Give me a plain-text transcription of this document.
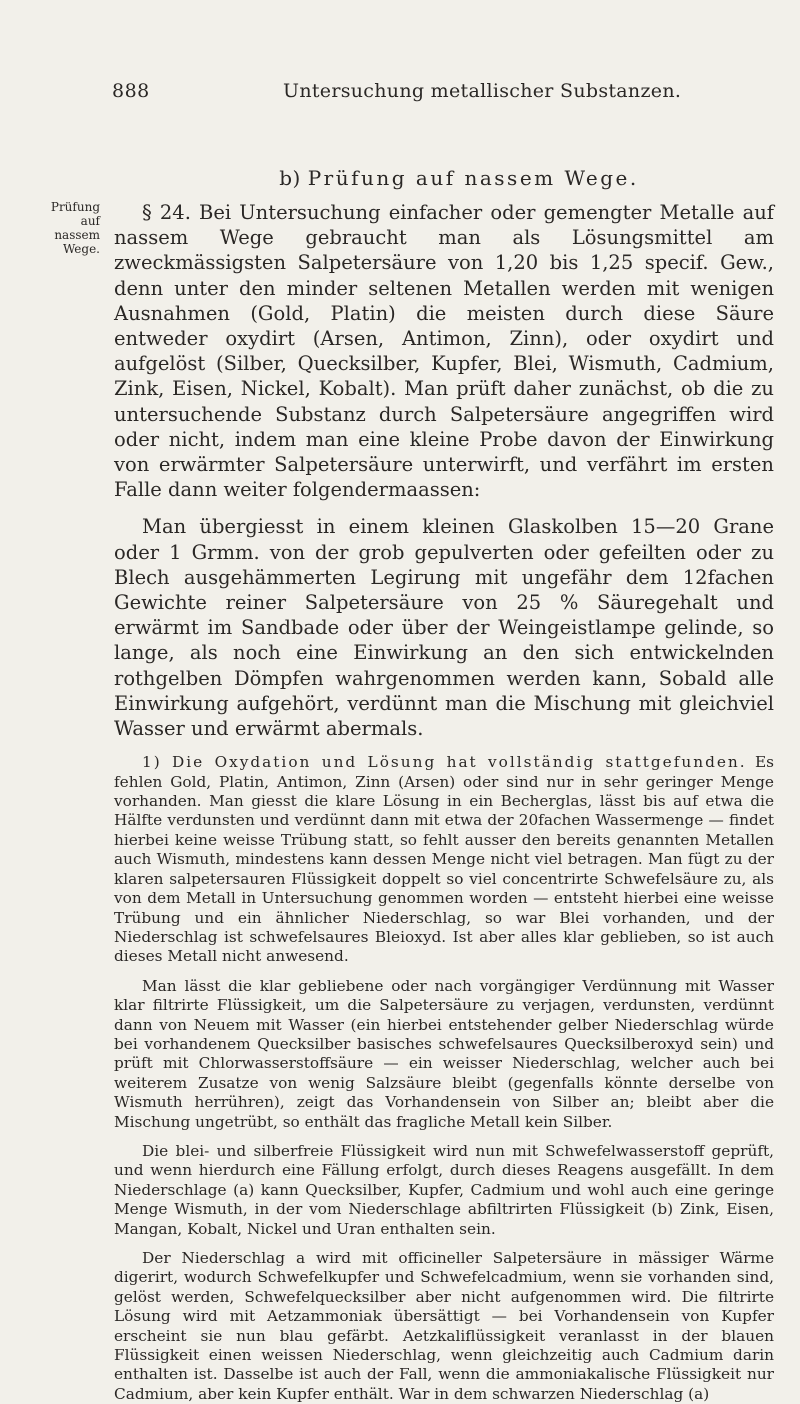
888	Untersuchung metallischer Substanzen.
Prüfung auf nassem Wege.
b) Prüfung auf nassem Wege.

§ 24. Bei Untersuchung einfacher oder gemengter Metalle auf nassem Wege gebraucht man als Lösungsmittel am zweckmässigsten Salpetersäure von 1,20 bis 1,25 specif. Gew., denn unter den minder seltenen Metallen werden mit wenigen Ausnahmen (Gold, Platin) die meisten durch diese Säure entweder oxydirt (Arsen, Antimon, Zinn), oder oxydirt und aufgelöst (Silber, Quecksilber, Kupfer, Blei, Wismuth, Cadmium, Zink, Eisen, Nickel, Kobalt). Man prüft daher zunächst, ob die zu untersuchende Substanz durch Salpetersäure angegriffen wird oder nicht, indem man eine kleine Probe davon der Einwirkung von erwärmter Salpetersäure unterwirft, und verfährt im ersten Falle dann weiter folgendermaassen:

Man übergiesst in einem kleinen Glaskolben 15—20 Grane oder 1 Grmm. von der grob gepulverten oder gefeilten oder zu Blech ausgehämmerten Legirung mit ungefähr dem 12fachen Gewichte reiner Salpetersäure von 25 % Säuregehalt und erwärmt im Sandbade oder über der Weingeistlampe gelinde, so lange, als noch eine Einwirkung an den sich entwickelnden rothgelben Dömpfen wahrgenommen werden kann, Sobald alle Einwirkung aufgehört, verdünnt man die Mischung mit gleichviel Wasser und erwärmt abermals.

1) Die Oxydation und Lösung hat vollständig stattgefunden. Es fehlen Gold, Platin, Antimon, Zinn (Arsen) oder sind nur in sehr geringer Menge vorhanden. Man giesst die klare Lösung in ein Becherglas, lässt bis auf etwa die Hälfte verdunsten und verdünnt dann mit etwa der 20fachen Wassermenge — findet hierbei keine weisse Trübung statt, so fehlt ausser den bereits genannten Metallen auch Wismuth, mindestens kann dessen Menge nicht viel betragen. Man fügt zu der klaren salpetersauren Flüssigkeit doppelt so viel concentrirte Schwefelsäure zu, als von dem Metall in Untersuchung genommen worden — entsteht hierbei eine weisse Trübung und ein ähnlicher Niederschlag, so war Blei vorhanden, und der Niederschlag ist schwefelsaures Bleioxyd. Ist aber alles klar geblieben, so ist auch dieses Metall nicht anwesend.

Man lässt die klar gebliebene oder nach vorgängiger Verdünnung mit Wasser klar filtrirte Flüssigkeit, um die Salpetersäure zu verjagen, verdunsten, verdünnt dann von Neuem mit Wasser (ein hierbei entstehender gelber Niederschlag würde bei vorhandenem Quecksilber basisches schwefelsaures Quecksilberoxyd sein) und prüft mit Chlorwasserstoffsäure — ein weisser Niederschlag, welcher auch bei weiterem Zusatze von wenig Salzsäure bleibt (gegenfalls könnte derselbe von Wismuth herrühren), zeigt das Vorhandensein von Silber an; bleibt aber die Mischung ungetrübt, so enthält das fragliche Metall kein Silber.

Die blei- und silberfreie Flüssigkeit wird nun mit Schwefelwasserstoff geprüft, und wenn hierdurch eine Fällung erfolgt, durch dieses Reagens ausgefällt. In dem Niederschlage (a) kann Quecksilber, Kupfer, Cadmium und wohl auch eine geringe Menge Wismuth, in der vom Niederschlage abfiltrirten Flüssigkeit (b) Zink, Eisen, Mangan, Kobalt, Nickel und Uran enthalten sein.

Der Niederschlag a wird mit officineller Salpetersäure in mässiger Wärme digerirt, wodurch Schwefelkupfer und Schwefelcadmium, wenn sie vorhanden sind, gelöst werden, Schwefelquecksilber aber nicht aufgenommen wird. Die filtrirte Lösung wird mit Aetzammoniak übersättigt — bei Vorhandensein von Kupfer erscheint sie nun blau gefärbt. Aetzkaliflüssigkeit veranlasst in der blauen Flüssigkeit einen weissen Niederschlag, wenn gleichzeitig auch Cadmium darin enthalten ist. Dasselbe ist auch der Fall, wenn die ammoniakalische Flüssigkeit nur Cadmium, aber kein Kupfer enthält. War in dem schwarzen Niederschlag (a)
